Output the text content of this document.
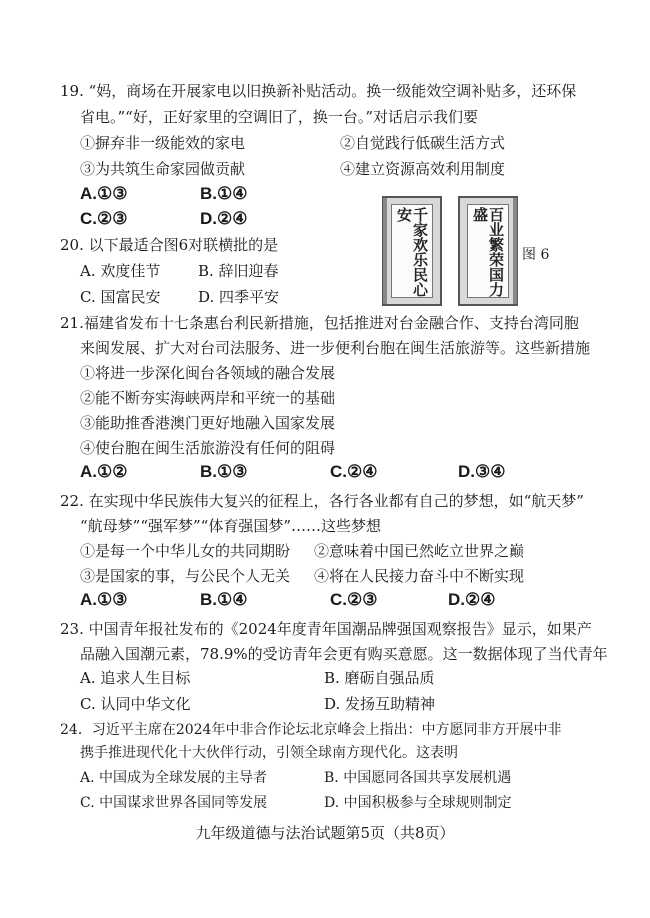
19. “妈，商场在开展家电以旧换新补贴活动。换一级能效空调补贴多，还环保
省电。”“好，正好家里的空调旧了，换一台。”对话启示我们要
①摒弃非一级能效的家电	②自觉践行低碳生活方式
③为共筑生命家园做贡献	④建立资源高效利用制度
A.①③	B.①④
C.②③	D.②④
20. 以下最适合图6对联横批的是
A. 欢度佳节	B. 辞旧迎春
C. 国富民安	D. 四季平安	千家欢乐民心安	百业繁荣国力盛
图 6
21.福建省发布十七条惠台利民新措施，包括推进对台金融合作、支持台湾同胞
来闽发展、扩大对台司法服务、进一步便利台胞在闽生活旅游等。这些新措施
①将进一步深化闽台各领域的融合发展
②能不断夯实海峡两岸和平统一的基础
③能助推香港澳门更好地融入国家发展
④使台胞在闽生活旅游没有任何的阻碍
A.①②	B.①③	C.②④	D.③④
22. 在实现中华民族伟大复兴的征程上，各行各业都有自己的梦想，如“航天梦”
“航母梦”“强军梦”“体育强国梦”……这些梦想
①是每一个中华儿女的共同期盼 ②意味着中国已然屹立世界之巅
③是国家的事，与公民个人无关 ④将在人民接力奋斗中不断实现
A.①③	B.①④	C.②③	D.②④
23. 中国青年报社发布的《2024年度青年国潮品牌强国观察报告》显示，如果产
品融入国潮元素，78.9%的受访青年会更有购买意愿。这一数据体现了当代青年
A. 追求人生目标	B. 磨砺自强品质
C. 认同中华文化	D. 发扬互助精神
24．习近平主席在2024年中非合作论坛北京峰会上指出：中方愿同非方开展中非
携手推进现代化十大伙伴行动，引领全球南方现代化。这表明
A. 中国成为全球发展的主导者	B. 中国愿同各国共享发展机遇
C. 中国谋求世界各国同等发展	D. 中国积极参与全球规则制定
九年级道德与法治试题第5页（共8页）
